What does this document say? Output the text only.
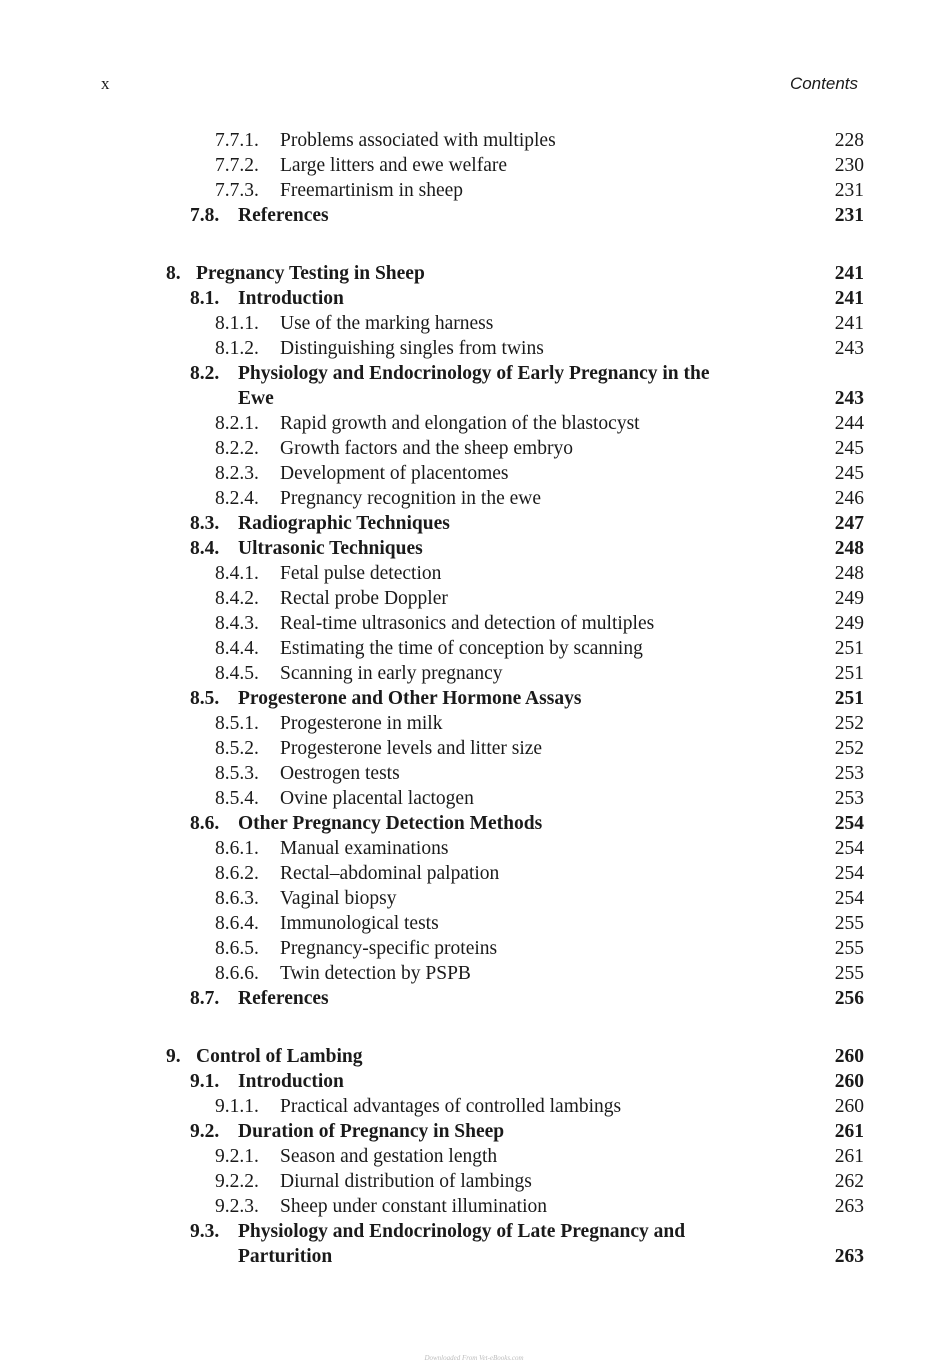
x	Contents
7.7.1. Problems associated with multiples	228
7.7.2. Large litters and ewe welfare	230
7.7.3. Freemartinism in sheep	231
7.8. References	231
8. Pregnancy Testing in Sheep	241
8.1. Introduction	241
8.1.1. Use of the marking harness	241
8.1.2. Distinguishing singles from twins	243
8.2. Physiology and Endocrinology of Early Pregnancy in the
Ewe	243
8.2.1. Rapid growth and elongation of the blastocyst	244
8.2.2. Growth factors and the sheep embryo	245
8.2.3. Development of placentomes	245
8.2.4. Pregnancy recognition in the ewe	246
8.3. Radiographic Techniques	247
8.4. Ultrasonic Techniques	248
8.4.1. Fetal pulse detection	248
8.4.2. Rectal probe Doppler	249
8.4.3. Real-time ultrasonics and detection of multiples	249
8.4.4. Estimating the time of conception by scanning	251
8.4.5. Scanning in early pregnancy	251
8.5. Progesterone and Other Hormone Assays	251
8.5.1. Progesterone in milk	252
8.5.2. Progesterone levels and litter size	252
8.5.3. Oestrogen tests	253
8.5.4. Ovine placental lactogen	253
8.6. Other Pregnancy Detection Methods	254
8.6.1. Manual examinations	254
8.6.2. Rectal–abdominal palpation	254
8.6.3. Vaginal biopsy	254
8.6.4. Immunological tests	255
8.6.5. Pregnancy-specific proteins	255
8.6.6. Twin detection by PSPB	255
8.7. References	256
9. Control of Lambing	260
9.1. Introduction	260
9.1.1. Practical advantages of controlled lambings	260
9.2. Duration of Pregnancy in Sheep	261
9.2.1. Season and gestation length	261
9.2.2. Diurnal distribution of lambings	262
9.2.3. Sheep under constant illumination	263
9.3. Physiology and Endocrinology of Late Pregnancy and
Parturition	263
Downloaded From Vet-eBooks.com
